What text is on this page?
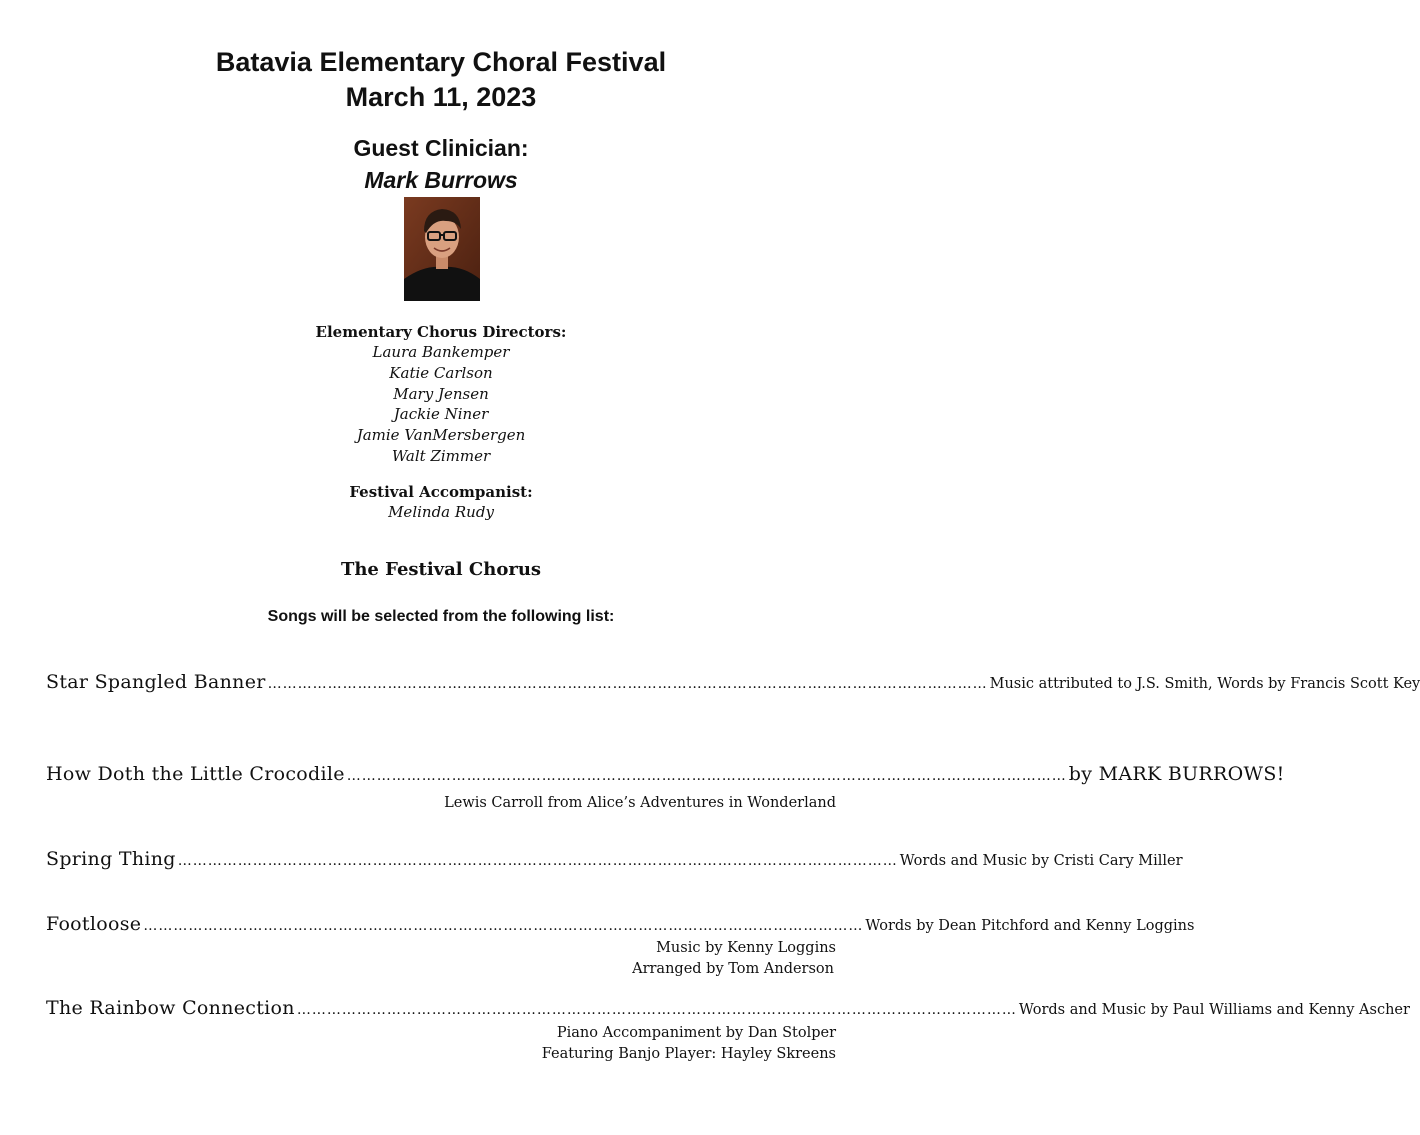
Batavia Elementary Choral Festival
March 11, 2023
Guest Clinician:
Mark Burrows
Elementary Chorus Directors:
Laura Bankemper
Katie Carlson
Mary Jensen
Jackie Niner
Jamie VanMersbergen
Walt Zimmer
Festival Accompanist:
Melinda Rudy
The Festival Chorus
Songs will be selected from the following list:
Star Spangled Banner ……………………………………………………………………………………………………………………………… Music attributed to J.S. Smith, Words by Francis Scott Key
How Doth the Little Crocodile ……………………………………………………………………………………………………………………………… by MARK BURROWS!
Lewis Carroll from Alice’s Adventures in Wonderland
Spring Thing ……………………………………………………………………………………………………………………………… Words and Music by Cristi Cary Miller
Footloose ……………………………………………………………………………………………………………………………… Words by Dean Pitchford and Kenny Loggins
Music by Kenny Loggins
Arranged by Tom Anderson
The Rainbow Connection ……………………………………………………………………………………………………………………………… Words and Music by Paul Williams and Kenny Ascher
Piano Accompaniment by Dan Stolper
Featuring Banjo Player: Hayley Skreens
